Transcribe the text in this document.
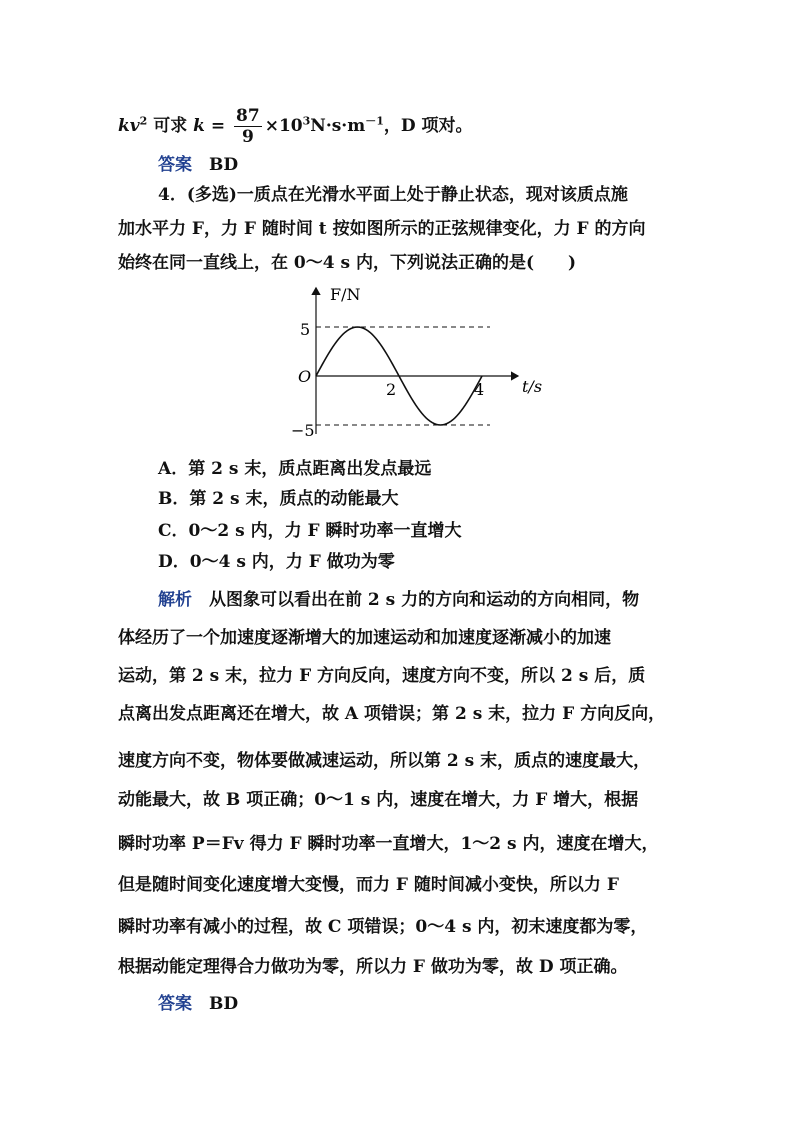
$kv^2$ 可求 $k = \frac{87}{9} \times 10^3N\cdot s\cdot m^{-1}$，D 项对。
答案　 BD
4．(多选)一质点在光滑水平面上处于静止状态，现对该质点施
加水平力 F，力 F 随时间 t 按如图所示的正弦规律变化，力 F 的方向
始终在同一直线上，在 0～4 s 内，下列说法正确的是(　　)
F/N
t/s
O
2	4
5
−5
A．第 2 s 末，质点距离出发点最远
B．第 2 s 末，质点的动能最大
C．0～2 s 内，力 F 瞬时功率一直增大
D．0～4 s 内，力 F 做功为零
解析　从图象可以看出在前 2 s 力的方向和运动的方向相同，物
体经历了一个加速度逐渐增大的加速运动和加速度逐渐减小的加速
运动，第 2 s 末，拉力 F 方向反向，速度方向不变，所以 2 s 后，质
点离出发点距离还在增大，故 A 项错误；第 2 s 末，拉力 F 方向反向，
速度方向不变，物体要做减速运动，所以第 2 s 末，质点的速度最大，
动能最大，故 B 项正确；0～1 s 内，速度在增大，力 F 增大，根据
瞬时功率 P＝Fv 得力 F 瞬时功率一直增大，1～2 s 内，速度在增大，
但是随时间变化速度增大变慢，而力 F 随时间减小变快，所以力 F
瞬时功率有减小的过程，故 C 项错误；0～4 s 内，初末速度都为零，
根据动能定理得合力做功为零，所以力 F 做功为零，故 D 项正确。
答案　 BD
